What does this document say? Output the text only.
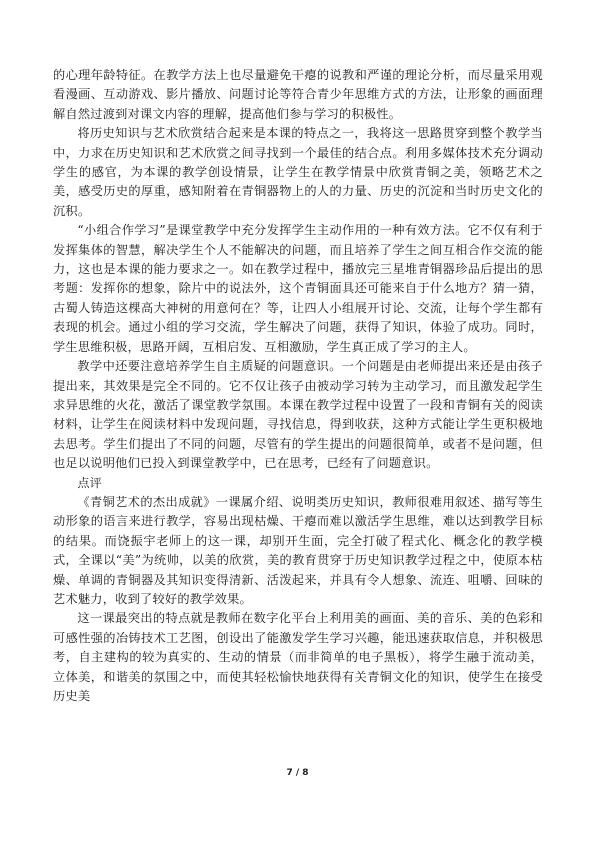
的心理年龄特征。在教学方法上也尽量避免干瘪的说教和严谨的理论分析，而尽量采用观看漫画、互动游戏、影片播放、问题讨论等符合青少年思维方式的方法，让形象的画面理解自然过渡到对课文内容的理解，提高他们参与学习的积极性。

将历史知识与艺术欣赏结合起来是本课的特点之一，我将这一思路贯穿到整个教学当中，力求在历史知识和艺术欣赏之间寻找到一个最佳的结合点。利用多媒体技术充分调动学生的感官，为本课的教学创设情景，让学生在教学情景中欣赏青铜之美，领略艺术之美，感受历史的厚重，感知附着在青铜器物上的人的力量、历史的沉淀和当时历史文化的沉积。

“小组合作学习”是课堂教学中充分发挥学生主动作用的一种有效方法。它不仅有利于发挥集体的智慧，解决学生个人不能解决的问题，而且培养了学生之间互相合作交流的能力，这也是本课的能力要求之一。如在教学过程中，播放完三星堆青铜器珍品后提出的思考题：发挥你的想象，除片中的说法外，这个青铜面具还可能来自于什么地方？猜一猜，古蜀人铸造这棵高大神树的用意何在？等，让四人小组展开讨论、交流，让每个学生都有表现的机会。通过小组的学习交流，学生解决了问题，获得了知识，体验了成功。同时，学生思维积极，思路开阔，互相启发、互相激励，学生真正成了学习的主人。

教学中还要注意培养学生自主质疑的问题意识。一个问题是由老师提出来还是由孩子提出来，其效果是完全不同的。它不仅让孩子由被动学习转为主动学习，而且激发起学生求异思维的火花，激活了课堂教学氛围。本课在教学过程中设置了一段和青铜有关的阅读材料，让学生在阅读材料中发现问题，寻找信息，得到收获，这种方式能让学生更积极地去思考。学生们提出了不同的问题，尽管有的学生提出的问题很简单，或者不是问题，但也足以说明他们已投入到课堂教学中，已在思考，已经有了问题意识。

点评

《青铜艺术的杰出成就》一课属介绍、说明类历史知识，教师很难用叙述、描写等生动形象的语言来进行教学，容易出现枯燥、干瘪而难以激活学生思维，难以达到教学目标的结果。而饶振宇老师上的这一课，却别开生面，完全打破了程式化、概念化的教学模式，全课以“美”为统帅，以美的欣赏，美的教育贯穿于历史知识教学过程之中，使原本枯燥、单调的青铜器及其知识变得清新、活泼起来，并具有令人想象、流连、咀嚼、回味的艺术魅力，收到了较好的教学效果。

这一课最突出的特点就是教师在数字化平台上利用美的画面、美的音乐、美的色彩和可感性强的冶铸技术工艺图，创设出了能激发学生学习兴趣，能迅速获取信息，并积极思考，自主建构的较为真实的、生动的情景（而非简单的电子黑板），将学生融于流动美，立体美，和谐美的氛围之中，而使其轻松愉快地获得有关青铜文化的知识，使学生在接受历史美

7 / 8
